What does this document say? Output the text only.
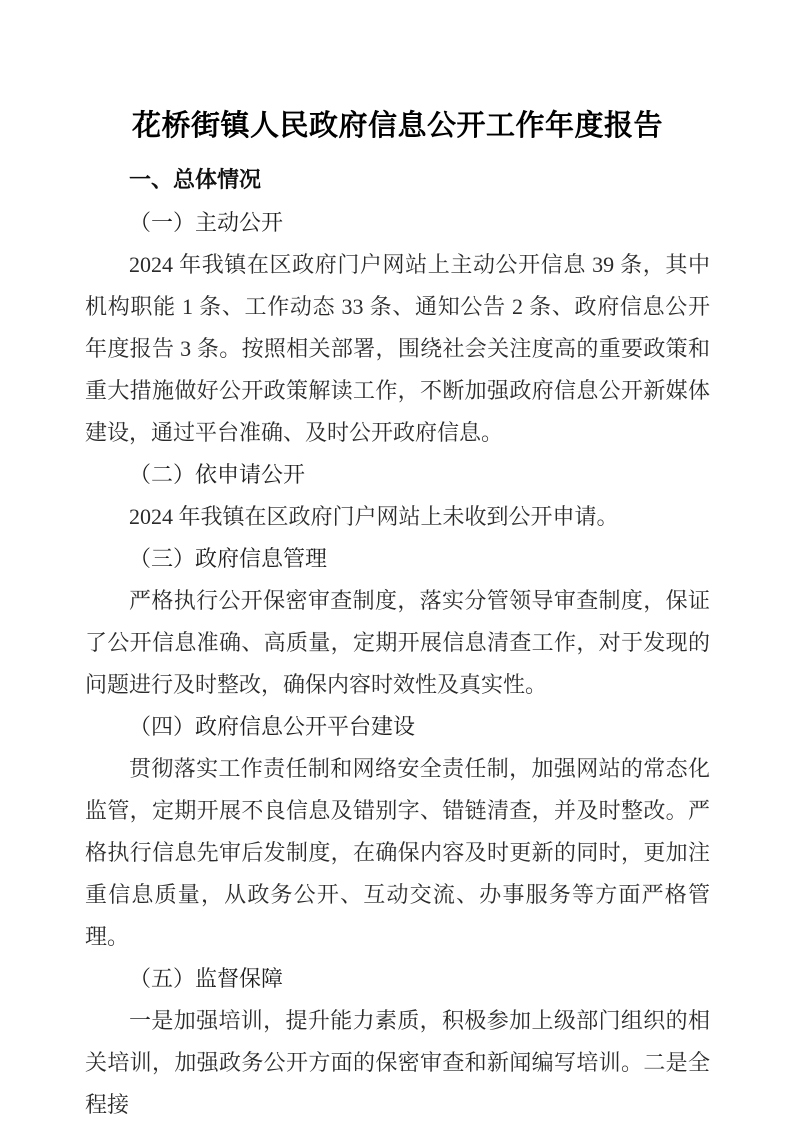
花桥街镇人民政府信息公开工作年度报告
一、总体情况
（一）主动公开

2024 年我镇在区政府门户网站上主动公开信息 39 条，其中机构职能 1 条、工作动态 33 条、通知公告 2 条、政府信息公开年度报告 3 条。按照相关部署，围绕社会关注度高的重要政策和重大措施做好公开政策解读工作，不断加强政府信息公开新媒体建设，通过平台准确、及时公开政府信息。

（二）依申请公开

2024 年我镇在区政府门户网站上未收到公开申请。

（三）政府信息管理

严格执行公开保密审查制度，落实分管领导审查制度，保证了公开信息准确、高质量，定期开展信息清查工作，对于发现的问题进行及时整改，确保内容时效性及真实性。

（四）政府信息公开平台建设

贯彻落实工作责任制和网络安全责任制，加强网站的常态化监管，定期开展不良信息及错别字、错链清查，并及时整改。严格执行信息先审后发制度，在确保内容及时更新的同时，更加注重信息质量，从政务公开、互动交流、办事服务等方面严格管理。

（五）监督保障

一是加强培训，提升能力素质，积极参加上级部门组织的相关培训，加强政务公开方面的保密审查和新闻编写培训。二是全程接
